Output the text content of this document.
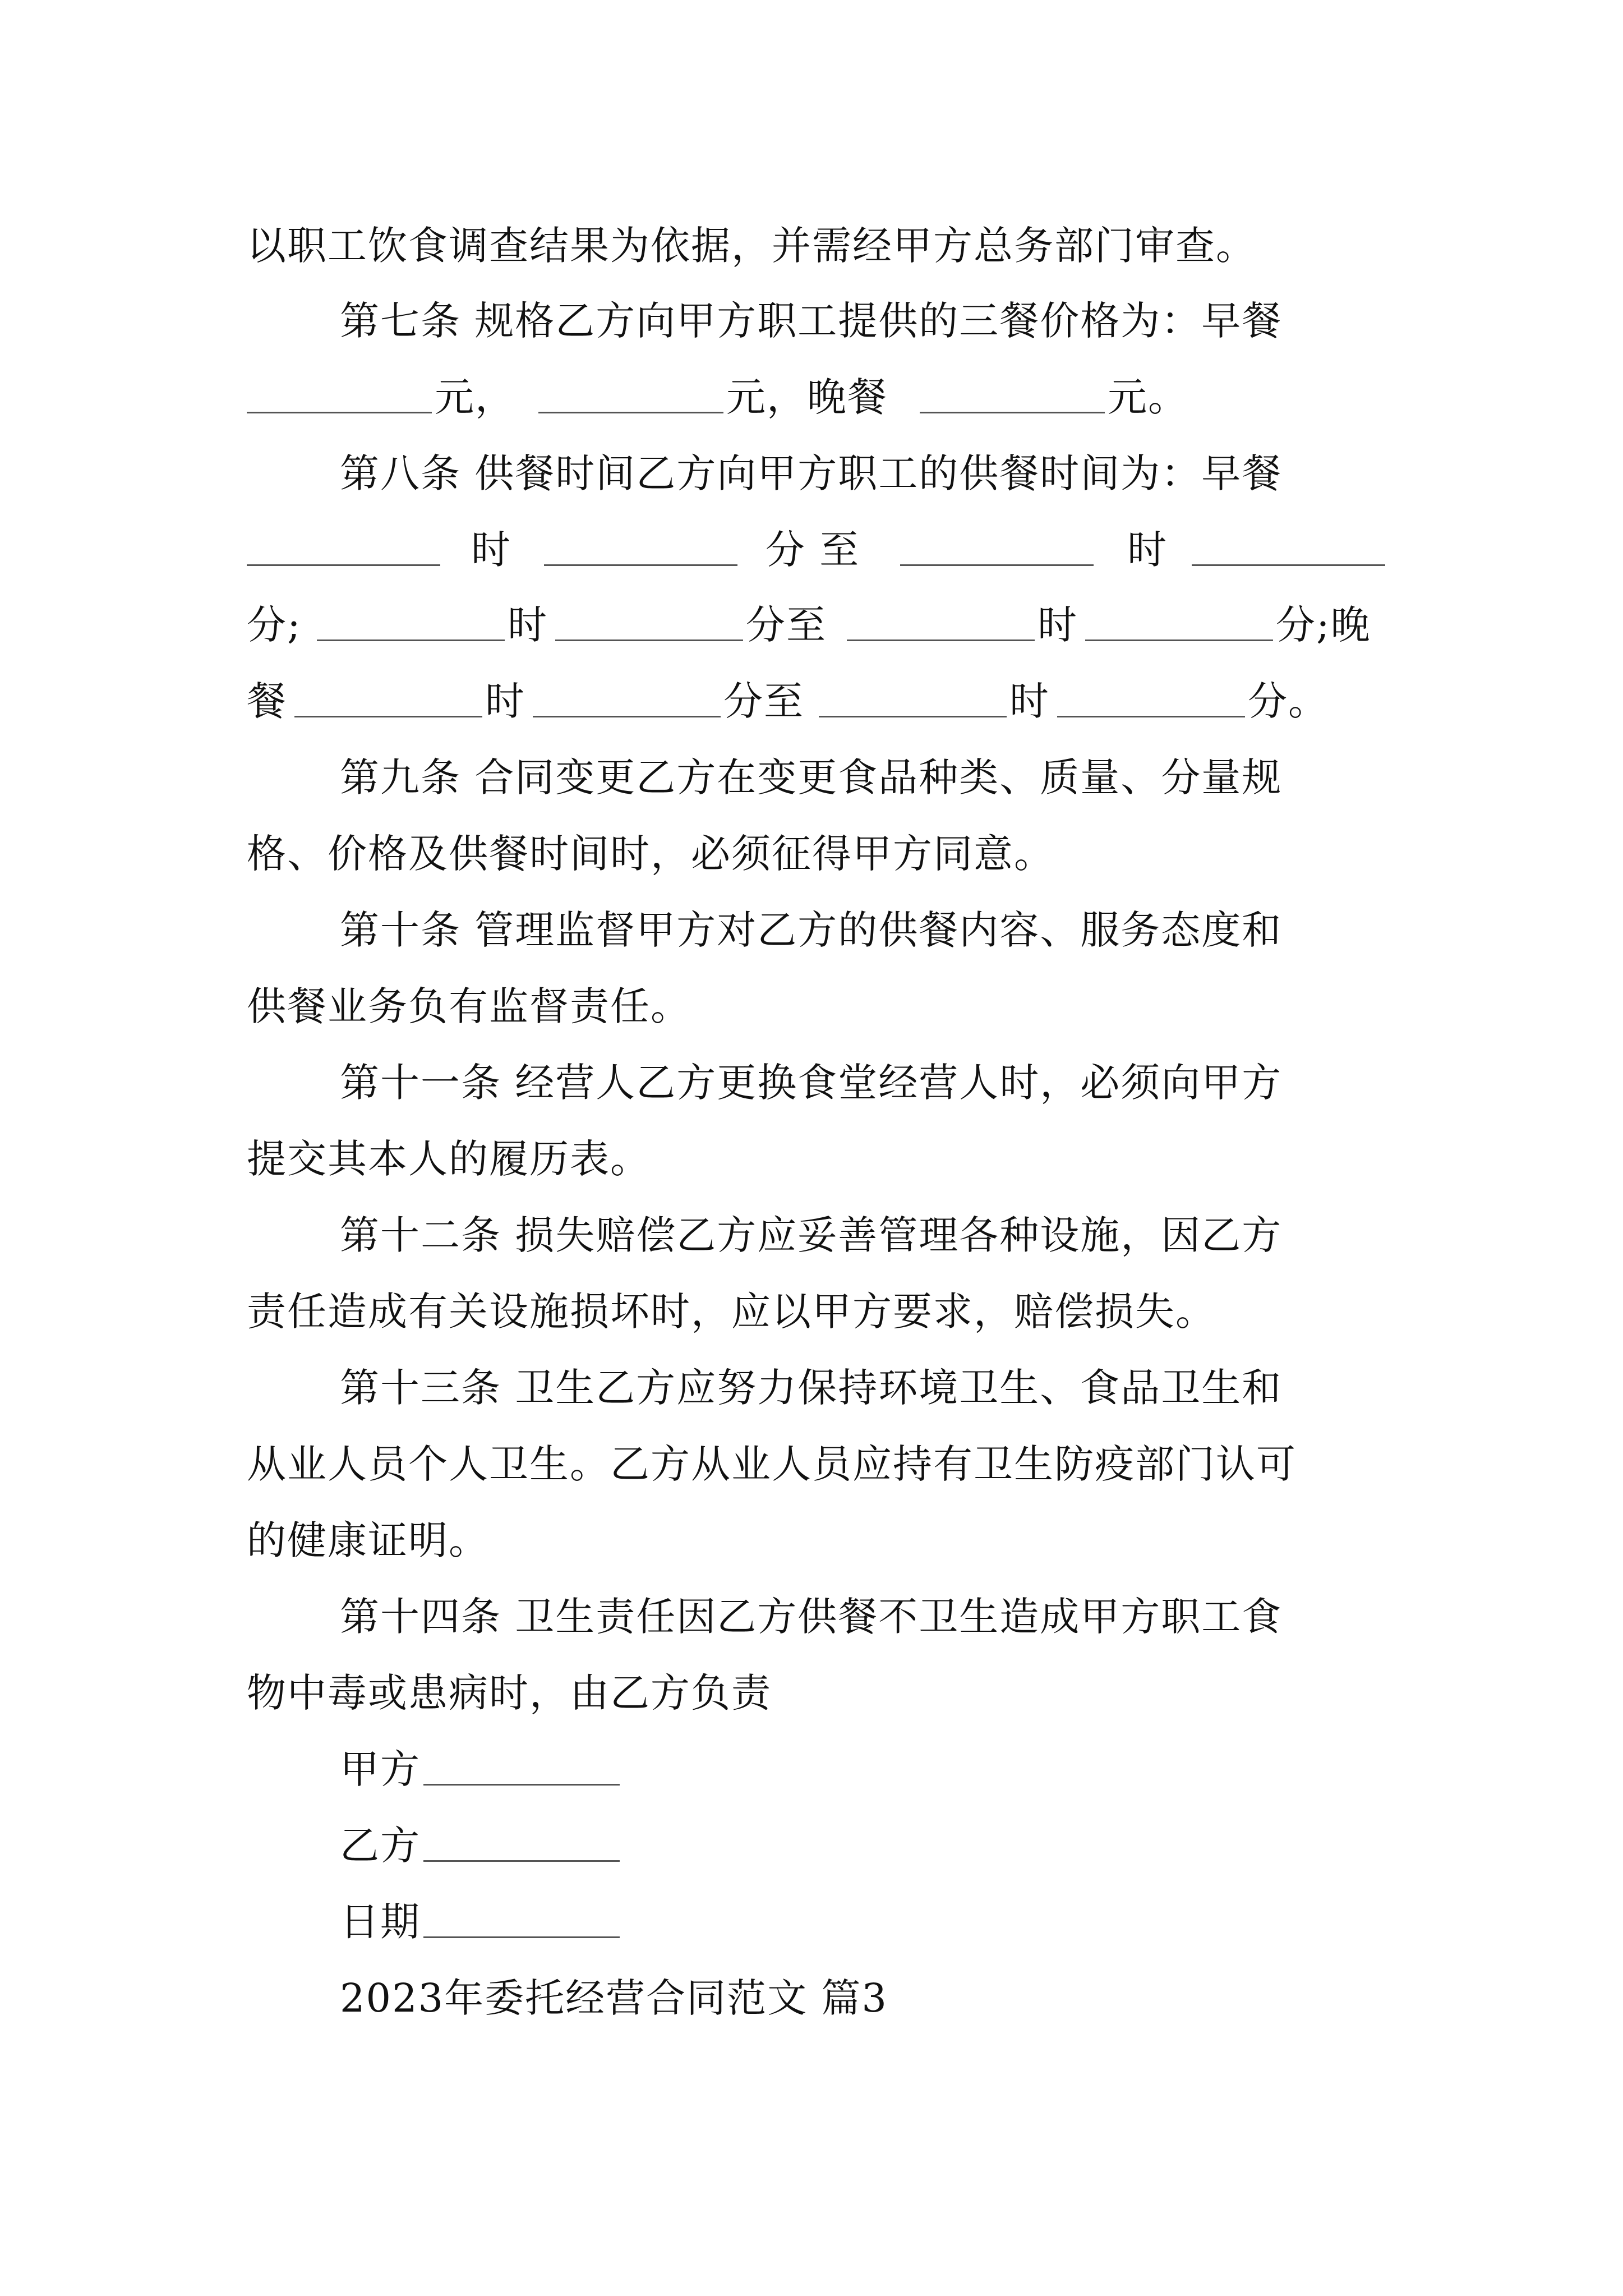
以职工饮食调查结果为依据，并需经甲方总务部门审查。
第七条 规格乙方向甲方职工提供的三餐价格为：早餐
元，	元，晚餐	元。
第八条 供餐时间乙方向甲方职工的供餐时间为：早餐
时	分 至	时
分;	时	分至	时	分;晚
餐	时	分至	时	分。
第九条 合同变更乙方在变更食品种类、质量、分量规
格、价格及供餐时间时，必须征得甲方同意。
第十条 管理监督甲方对乙方的供餐内容、服务态度和
供餐业务负有监督责任。
第十一条 经营人乙方更换食堂经营人时，必须向甲方
提交其本人的履历表。
第十二条 损失赔偿乙方应妥善管理各种设施，因乙方
责任造成有关设施损坏时，应以甲方要求，赔偿损失。
第十三条 卫生乙方应努力保持环境卫生、食品卫生和
从业人员个人卫生。乙方从业人员应持有卫生防疫部门认可
的健康证明。
第十四条 卫生责任因乙方供餐不卫生造成甲方职工食
物中毒或患病时，由乙方负责
甲方
乙方
日期
2023年委托经营合同范文 篇3
